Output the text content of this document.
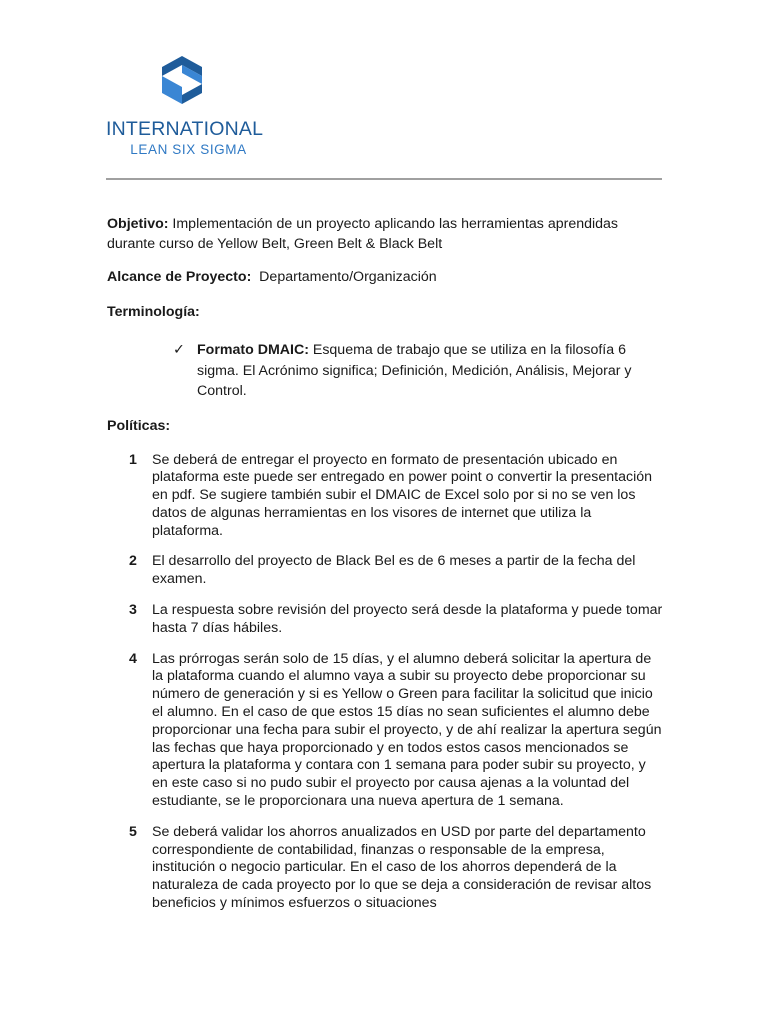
INTERNATIONAL
LEAN SIX SIGMA

Objetivo: Implementación de un proyecto aplicando las herramientas aprendidas durante curso de Yellow Belt, Green Belt & Black Belt

Alcance de Proyecto:  Departamento/Organización

Terminología:

✓ Formato DMAIC: Esquema de trabajo que se utiliza en la filosofía 6 sigma. El Acrónimo significa; Definición, Medición, Análisis, Mejorar y Control.

Políticas:

1 Se deberá de entregar el proyecto en formato de presentación ubicado en plataforma este puede ser entregado en power point o convertir la presentación en pdf. Se sugiere también subir el DMAIC de Excel solo por si no se ven los datos de algunas herramientas en los visores de internet que utiliza la plataforma.
2 El desarrollo del proyecto de Black Bel es de 6 meses a partir de la fecha del examen.
3 La respuesta sobre revisión del proyecto será desde la plataforma y puede tomar hasta 7 días hábiles.
4 Las prórrogas serán solo de 15 días, y el alumno deberá solicitar la apertura de la plataforma cuando el alumno vaya a subir su proyecto debe proporcionar su número de generación y si es Yellow o Green para facilitar la solicitud que inicio el alumno. En el caso de que estos 15 días no sean suficientes el alumno debe proporcionar una fecha para subir el proyecto, y de ahí realizar la apertura según las fechas que haya proporcionado y en todos estos casos mencionados se apertura la plataforma y contara con 1 semana para poder subir su proyecto, y en este caso si no pudo subir el proyecto por causa ajenas a la voluntad del estudiante, se le proporcionara una nueva apertura de 1 semana.
5 Se deberá validar los ahorros anualizados en USD por parte del departamento correspondiente de contabilidad, finanzas o responsable de la empresa, institución o negocio particular. En el caso de los ahorros dependerá de la naturaleza de cada proyecto por lo que se deja a consideración de revisar altos beneficios y mínimos esfuerzos o situaciones
